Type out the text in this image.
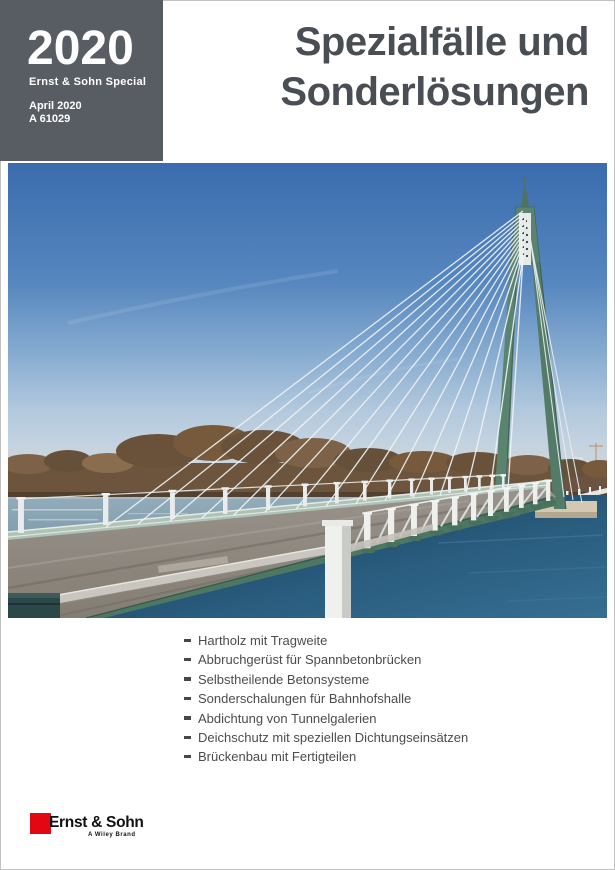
2020
Ernst & Sohn Special
April 2020
A 61029
Spezialfälle und
Sonderlösungen
Hartholz mit Tragweite
Abbruchgerüst für Spannbetonbrücken
Selbstheilende Betonsysteme
Sonderschalungen für Bahnhofshalle
Abdichtung von Tunnelgalerien
Deichschutz mit speziellen Dichtungseinsätzen
Brückenbau mit Fertigteilen
Ernst & Sohn
A Wiley Brand
